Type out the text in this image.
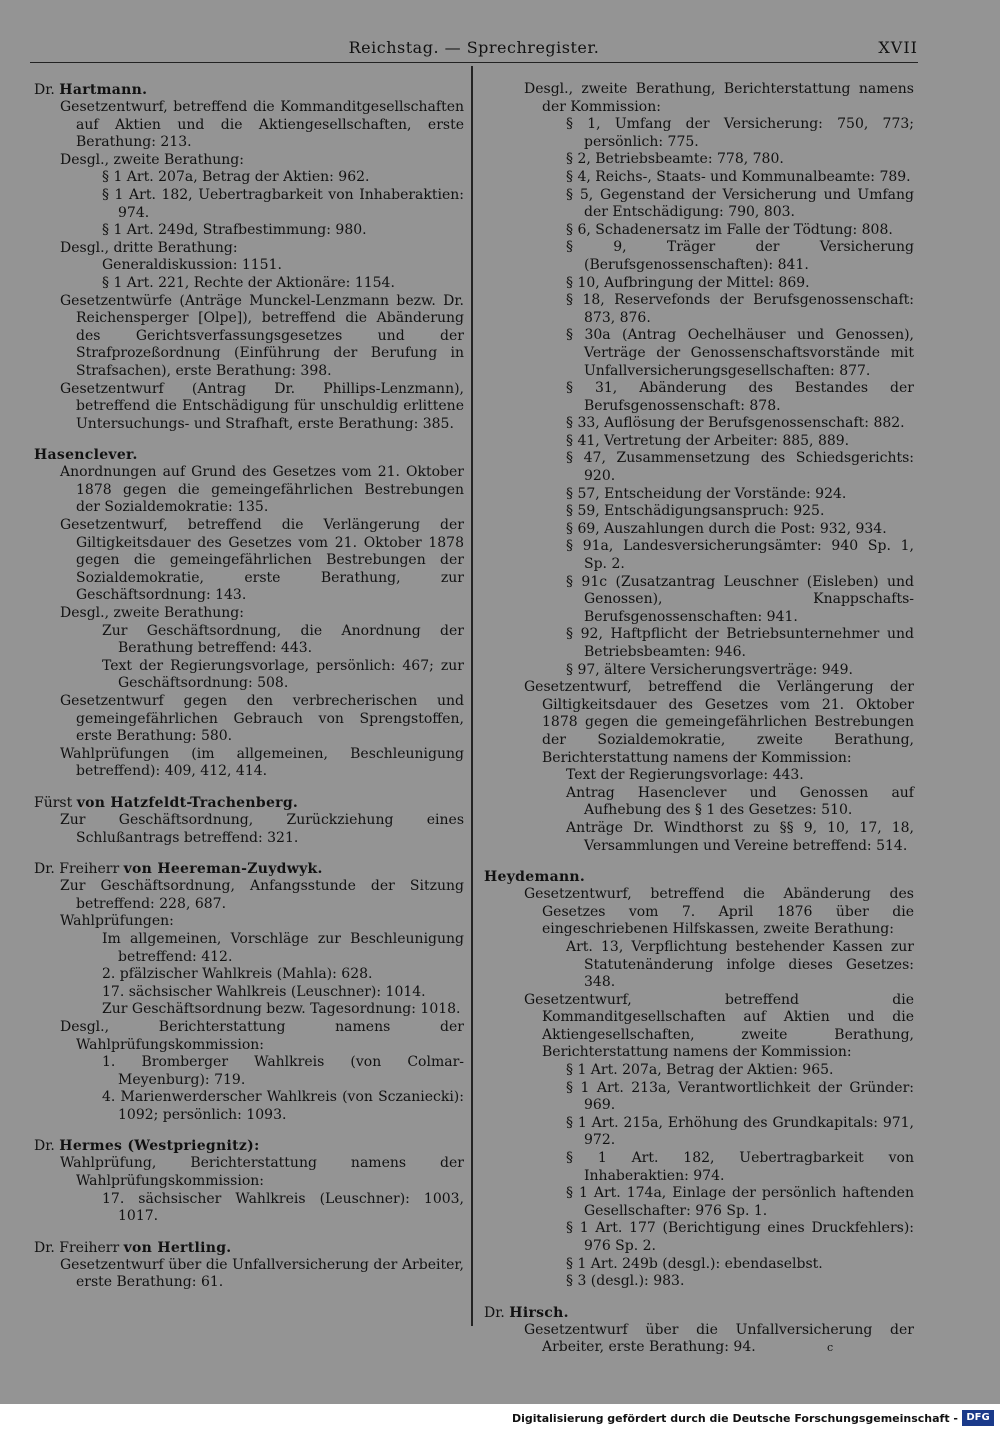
Reichstag. — Sprechregister.	XVII
Dr. Hartmann.
Gesetzentwurf, betreffend die Kommanditgesellschaften auf Aktien und die Aktiengesellschaften, erste Berathung: 213.
Desgl., zweite Berathung:
§ 1 Art. 207a, Betrag der Aktien: 962.
§ 1 Art. 182, Uebertragbarkeit von Inhaberaktien: 974.
§ 1 Art. 249d, Strafbestimmung: 980.
Desgl., dritte Berathung:
Generaldiskussion: 1151.
§ 1 Art. 221, Rechte der Aktionäre: 1154.
Gesetzentwürfe (Anträge Munckel-Lenzmann bezw. Dr. Reichensperger [Olpe]), betreffend die Abänderung des Gerichtsverfassungsgesetzes und der Strafprozeßordnung (Einführung der Berufung in Strafsachen), erste Berathung: 398.
Gesetzentwurf (Antrag Dr. Phillips-Lenzmann), betreffend die Entschädigung für unschuldig erlittene Untersuchungs- und Strafhaft, erste Berathung: 385.
Hasenclever.
Anordnungen auf Grund des Gesetzes vom 21. Oktober 1878 gegen die gemeingefährlichen Bestrebungen der Sozialdemokratie: 135.
Gesetzentwurf, betreffend die Verlängerung der Giltigkeitsdauer des Gesetzes vom 21. Oktober 1878 gegen die gemeingefährlichen Bestrebungen der Sozialdemokratie, erste Berathung, zur Geschäftsordnung: 143.
Desgl., zweite Berathung:
Zur Geschäftsordnung, die Anordnung der Berathung betreffend: 443.
Text der Regierungsvorlage, persönlich: 467; zur Geschäftsordnung: 508.
Gesetzentwurf gegen den verbrecherischen und gemeingefährlichen Gebrauch von Sprengstoffen, erste Berathung: 580.
Wahlprüfungen (im allgemeinen, Beschleunigung betreffend): 409, 412, 414.
Fürst von Hatzfeldt-Trachenberg.
Zur Geschäftsordnung, Zurückziehung eines Schlußantrags betreffend: 321.
Dr. Freiherr von Heereman-Zuydwyk.
Zur Geschäftsordnung, Anfangsstunde der Sitzung betreffend: 228, 687.
Wahlprüfungen:
Im allgemeinen, Vorschläge zur Beschleunigung betreffend: 412.
2. pfälzischer Wahlkreis (Mahla): 628.
17. sächsischer Wahlkreis (Leuschner): 1014.
Zur Geschäftsordnung bezw. Tagesordnung: 1018.
Desgl., Berichterstattung namens der Wahlprüfungskommission:
1. Bromberger Wahlkreis (von Colmar-Meyenburg): 719.
4. Marienwerderscher Wahlkreis (von Sczaniecki): 1092; persönlich: 1093.
Dr. Hermes (Westpriegnitz):
Wahlprüfung, Berichterstattung namens der Wahlprüfungskommission:
17. sächsischer Wahlkreis (Leuschner): 1003, 1017.
Dr. Freiherr von Hertling.
Gesetzentwurf über die Unfallversicherung der Arbeiter, erste Berathung: 61.
Desgl., zweite Berathung, Berichterstattung namens der Kommission:
§ 1, Umfang der Versicherung: 750, 773; persönlich: 775.
§ 2, Betriebsbeamte: 778, 780.
§ 4, Reichs-, Staats- und Kommunalbeamte: 789.
§ 5, Gegenstand der Versicherung und Umfang der Entschädigung: 790, 803.
§ 6, Schadenersatz im Falle der Tödtung: 808.
§ 9, Träger der Versicherung (Berufsgenossenschaften): 841.
§ 10, Aufbringung der Mittel: 869.
§ 18, Reservefonds der Berufsgenossenschaft: 873, 876.
§ 30a (Antrag Oechelhäuser und Genossen), Verträge der Genossenschaftsvorstände mit Unfallversicherungsgesellschaften: 877.
§ 31, Abänderung des Bestandes der Berufsgenossenschaft: 878.
§ 33, Auflösung der Berufsgenossenschaft: 882.
§ 41, Vertretung der Arbeiter: 885, 889.
§ 47, Zusammensetzung des Schiedsgerichts: 920.
§ 57, Entscheidung der Vorstände: 924.
§ 59, Entschädigungsanspruch: 925.
§ 69, Auszahlungen durch die Post: 932, 934.
§ 91a, Landesversicherungsämter: 940 Sp. 1, Sp. 2.
§ 91c (Zusatzantrag Leuschner (Eisleben) und Genossen), Knappschafts-Berufsgenossenschaften: 941.
§ 92, Haftpflicht der Betriebsunternehmer und Betriebsbeamten: 946.
§ 97, ältere Versicherungsverträge: 949.
Gesetzentwurf, betreffend die Verlängerung der Giltigkeitsdauer des Gesetzes vom 21. Oktober 1878 gegen die gemeingefährlichen Bestrebungen der Sozialdemokratie, zweite Berathung, Berichterstattung namens der Kommission:
Text der Regierungsvorlage: 443.
Antrag Hasenclever und Genossen auf Aufhebung des § 1 des Gesetzes: 510.
Anträge Dr. Windthorst zu §§ 9, 10, 17, 18, Versammlungen und Vereine betreffend: 514.
Heydemann.
Gesetzentwurf, betreffend die Abänderung des Gesetzes vom 7. April 1876 über die eingeschriebenen Hilfskassen, zweite Berathung:
Art. 13, Verpflichtung bestehender Kassen zur Statutenänderung infolge dieses Gesetzes: 348.
Gesetzentwurf, betreffend die Kommanditgesellschaften auf Aktien und die Aktiengesellschaften, zweite Berathung, Berichterstattung namens der Kommission:
§ 1 Art. 207a, Betrag der Aktien: 965.
§ 1 Art. 213a, Verantwortlichkeit der Gründer: 969.
§ 1 Art. 215a, Erhöhung des Grundkapitals: 971, 972.
§ 1 Art. 182, Uebertragbarkeit von Inhaberaktien: 974.
§ 1 Art. 174a, Einlage der persönlich haftenden Gesellschafter: 976 Sp. 1.
§ 1 Art. 177 (Berichtigung eines Druckfehlers): 976 Sp. 2.
§ 1 Art. 249b (desgl.): ebendaselbst.
§ 3 (desgl.): 983.
Dr. Hirsch.
Gesetzentwurf über die Unfallversicherung der Arbeiter, erste Berathung: 94.	c
Digitalisierung gefördert durch die Deutsche Forschungsgemeinschaft - DFG
